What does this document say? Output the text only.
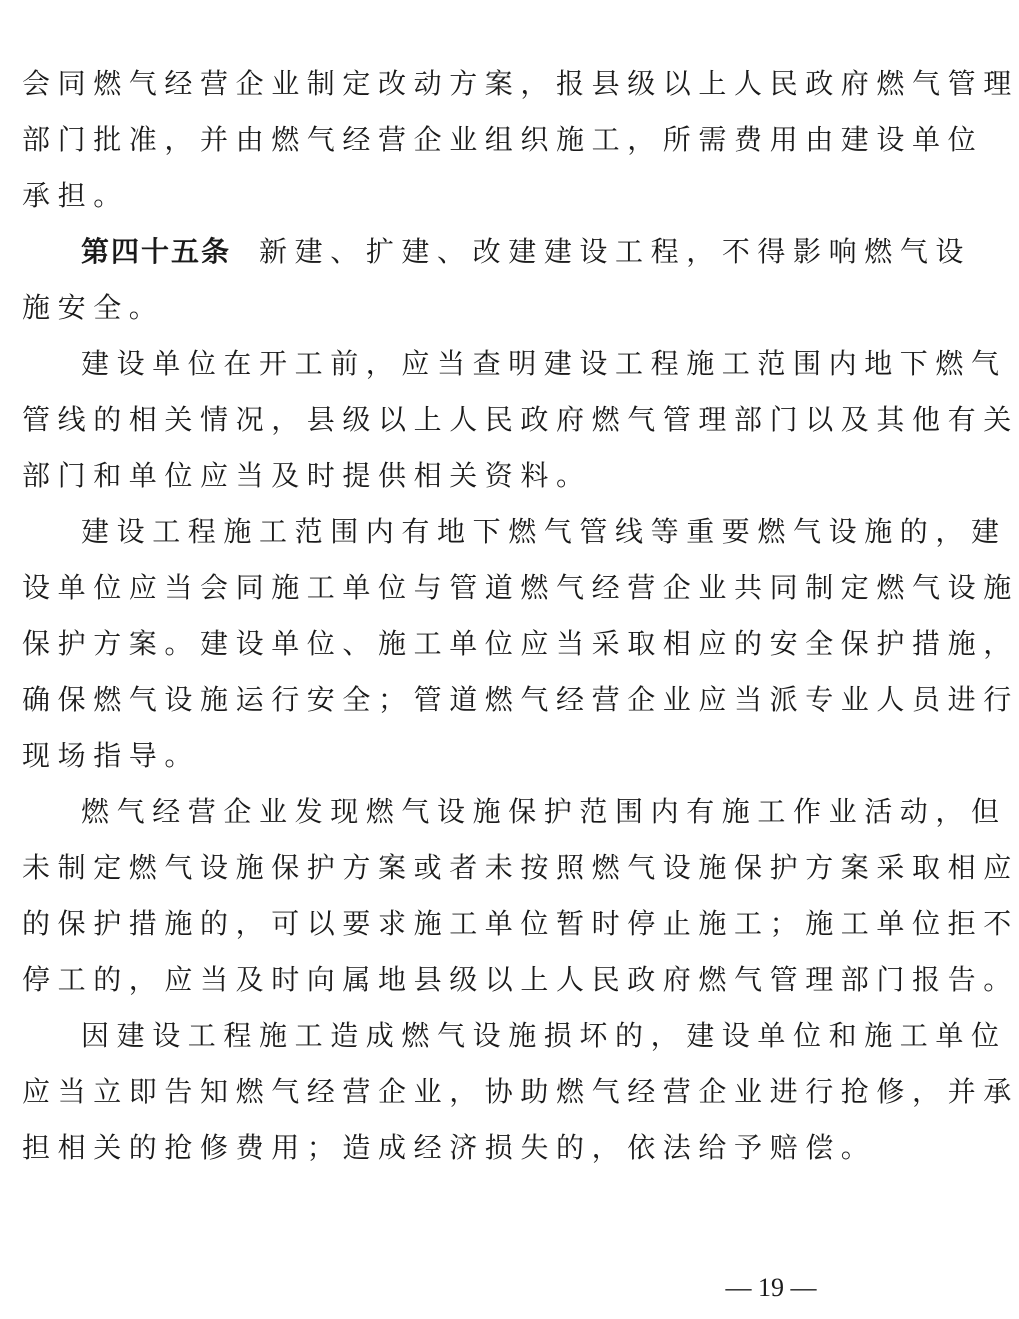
会同燃气经营企业制定改动方案，报县级以上人民政府燃气管理
部门批准，并由燃气经营企业组织施工，所需费用由建设单位
承担。
第四十五条 新建、扩建、改建建设工程，不得影响燃气设
施安全。
建设单位在开工前，应当查明建设工程施工范围内地下燃气
管线的相关情况，县级以上人民政府燃气管理部门以及其他有关
部门和单位应当及时提供相关资料。
建设工程施工范围内有地下燃气管线等重要燃气设施的，建
设单位应当会同施工单位与管道燃气经营企业共同制定燃气设施
保护方案。建设单位、施工单位应当采取相应的安全保护措施，
确保燃气设施运行安全；管道燃气经营企业应当派专业人员进行
现场指导。
燃气经营企业发现燃气设施保护范围内有施工作业活动，但
未制定燃气设施保护方案或者未按照燃气设施保护方案采取相应
的保护措施的，可以要求施工单位暂时停止施工；施工单位拒不
停工的，应当及时向属地县级以上人民政府燃气管理部门报告。
因建设工程施工造成燃气设施损坏的，建设单位和施工单位
应当立即告知燃气经营企业，协助燃气经营企业进行抢修，并承
担相关的抢修费用；造成经济损失的，依法给予赔偿。
— 19 —
